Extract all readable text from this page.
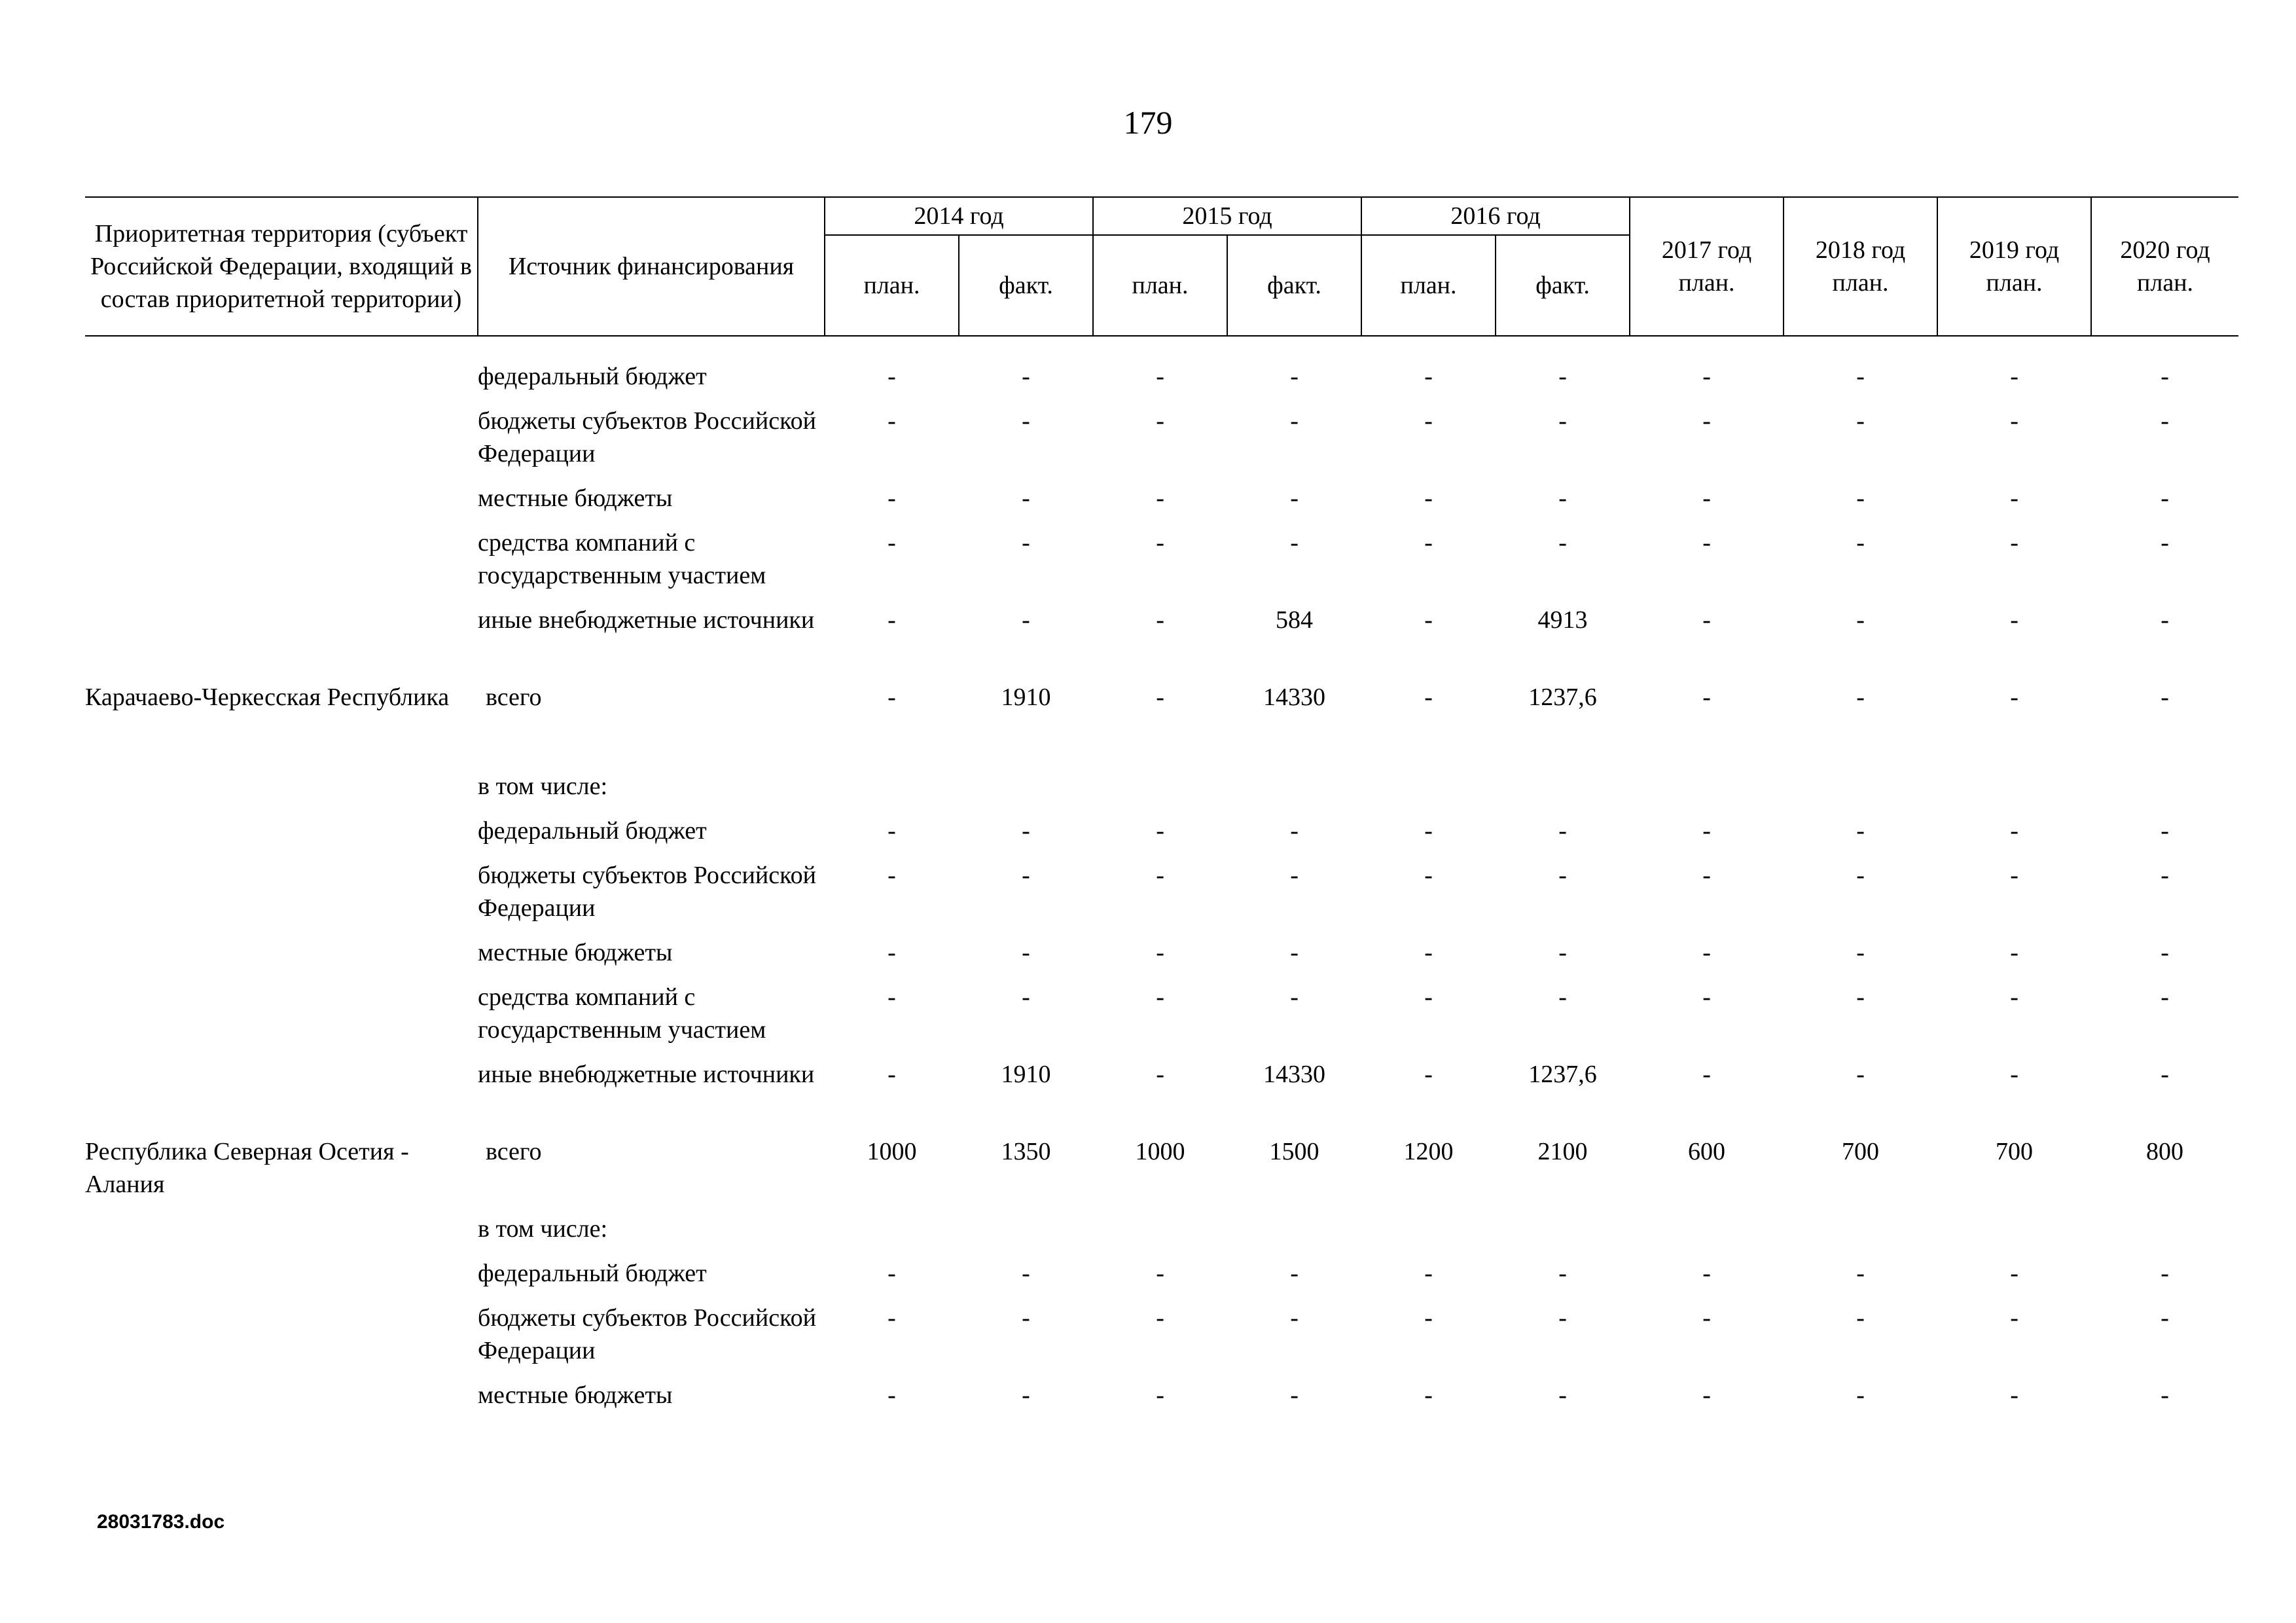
179
Приоритетная территория (субъект Российской Федерации, входящий в состав приоритетной территории)	Источник финансирования	2014 год		2015 год		2016 год		2017 год план.	2018 год план.	2019 год план.	2020 год план.
		план.	факт.	план.	факт.	план.	факт.				

	федеральный бюджет	-	-	-	-	-	-	-	-	-	-
	бюджеты субъектов Российской Федерации	-	-	-	-	-	-	-	-	-	-
	местные бюджеты	-	-	-	-	-	-	-	-	-	-
	средства компаний с государственным участием	-	-	-	-	-	-	-	-	-	-
	иные внебюджетные источники	-	-	-	584	-	4913	-	-	-	-
Карачаево-Черкесская Республика	всего	-	1910	-	14330	-	1237,6	-	-	-	-
	в том числе:										
	федеральный бюджет	-	-	-	-	-	-	-	-	-	-
	бюджеты субъектов Российской Федерации	-	-	-	-	-	-	-	-	-	-
	местные бюджеты	-	-	-	-	-	-	-	-	-	-
	средства компаний с государственным участием	-	-	-	-	-	-	-	-	-	-
	иные внебюджетные источники	-	1910	-	14330	-	1237,6	-	-	-	-
Республика Северная Осетия - Алания	всего	1000	1350	1000	1500	1200	2100	600	700	700	800
	в том числе:										
	федеральный бюджет	-	-	-	-	-	-	-	-	-	-
	бюджеты субъектов Российской Федерации	-	-	-	-	-	-	-	-	-	-
	местные бюджеты	-	-	-	-	-	-	-	-	-	-
28031783.doc
